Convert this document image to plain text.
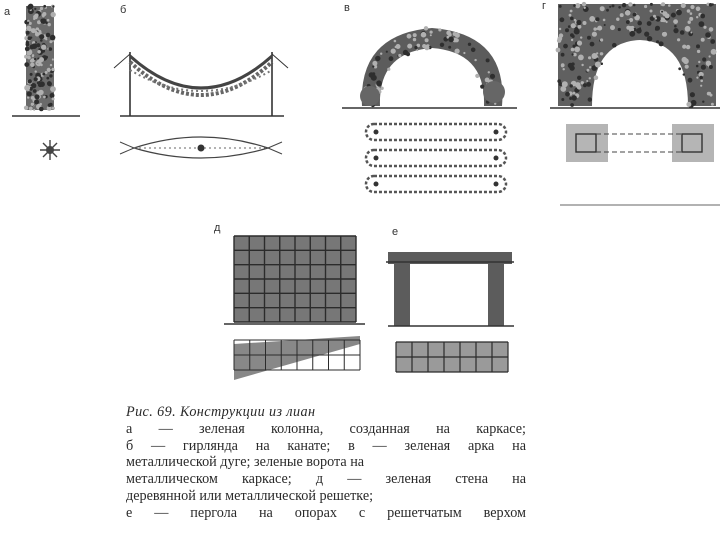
а	б	в	г
д	е
Рис. 69. Конструкции из лиан
а — зеленая колонна, созданная на каркасе;
б — гирлянда на канате; в — зеленая арка на
металлической дуге; зеленые ворота на
металлическом каркасе; д — зеленая стена на
деревянной или металлической решетке;
е — пергола на опорах с решетчатым верхом
